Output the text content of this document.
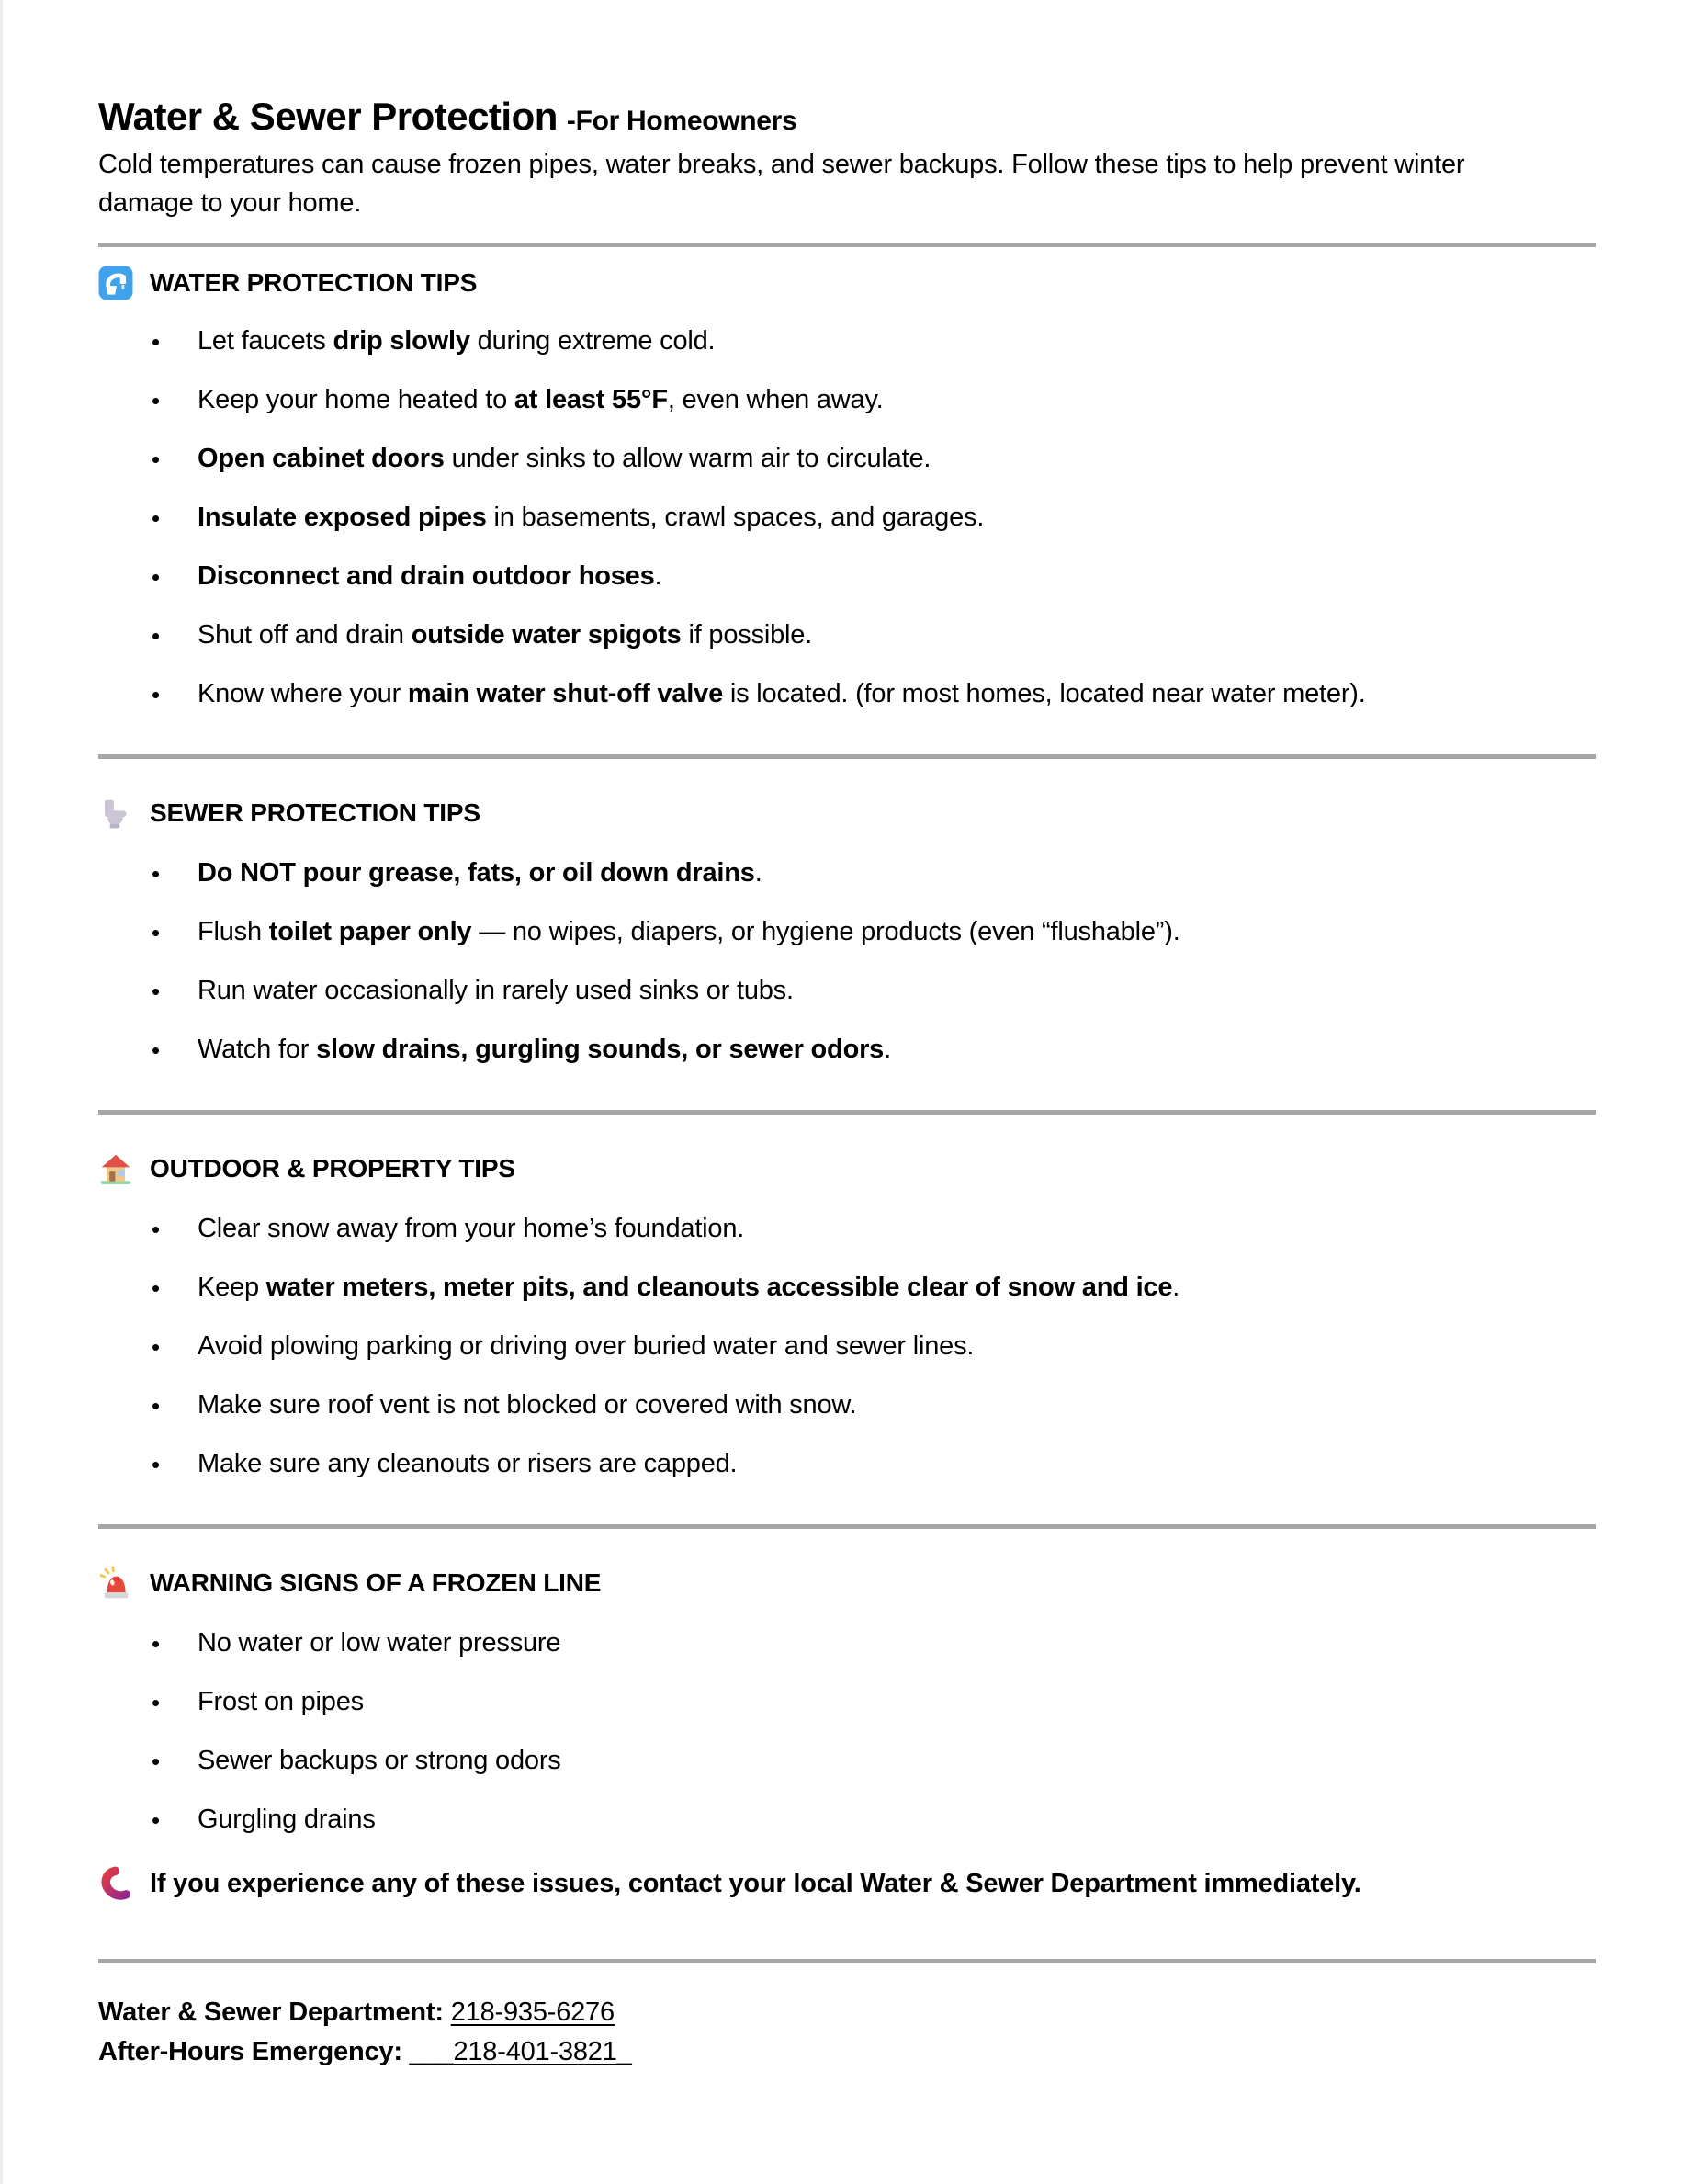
Water & Sewer Protection -For Homeowners

Cold temperatures can cause frozen pipes, water breaks, and sewer backups. Follow these tips to help prevent winter damage to your home.

WATER PROTECTION TIPS
• Let faucets drip slowly during extreme cold.
• Keep your home heated to at least 55°F, even when away.
• Open cabinet doors under sinks to allow warm air to circulate.
• Insulate exposed pipes in basements, crawl spaces, and garages.
• Disconnect and drain outdoor hoses.
• Shut off and drain outside water spigots if possible.
• Know where your main water shut-off valve is located. (for most homes, located near water meter).
SEWER PROTECTION TIPS
• Do NOT pour grease, fats, or oil down drains.
• Flush toilet paper only — no wipes, diapers, or hygiene products (even “flushable”).
• Run water occasionally in rarely used sinks or tubs.
• Watch for slow drains, gurgling sounds, or sewer odors.
OUTDOOR & PROPERTY TIPS
• Clear snow away from your home’s foundation.
• Keep water meters, meter pits, and cleanouts accessible clear of snow and ice.
• Avoid plowing parking or driving over buried water and sewer lines.
• Make sure roof vent is not blocked or covered with snow.
• Make sure any cleanouts or risers are capped.
WARNING SIGNS OF A FROZEN LINE
• No water or low water pressure
• Frost on pipes
• Sewer backups or strong odors
• Gurgling drains
If you experience any of these issues, contact your local Water & Sewer Department immediately.
Water & Sewer Department: 218-935-6276
After-Hours Emergency: ___218-401-3821_
